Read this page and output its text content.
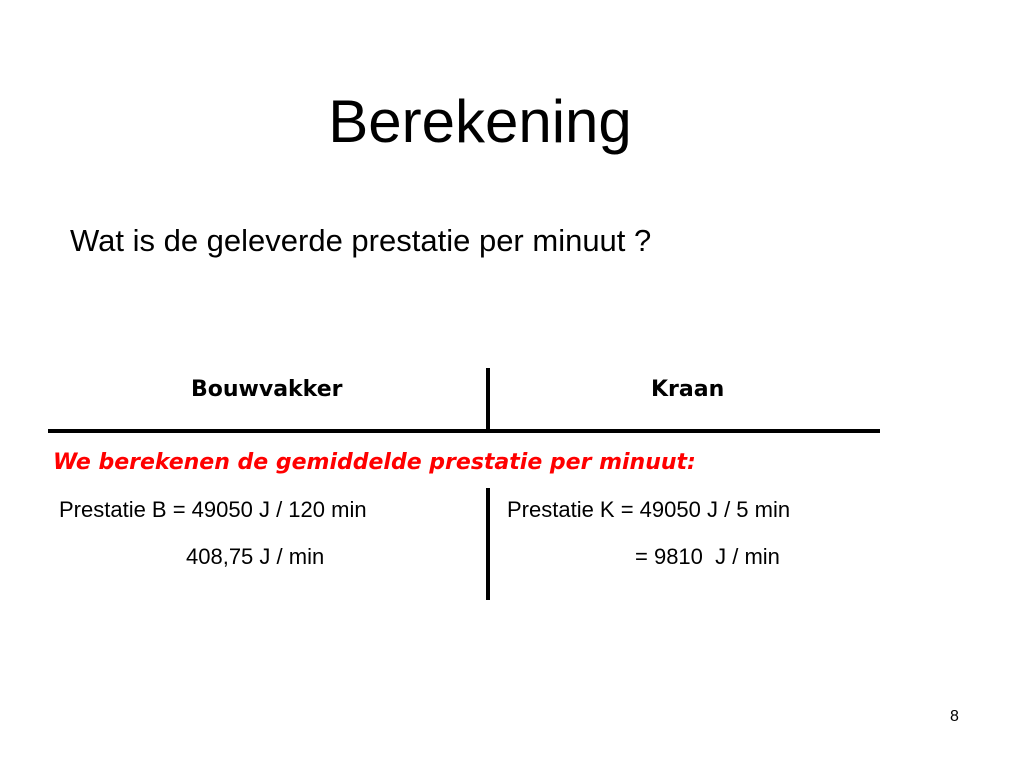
Berekening
Wat is de geleverde prestatie per minuut ?
Bouwvakker	Kraan
We berekenen de gemiddelde prestatie per minuut:
Prestatie B = 49050 J / 120 min
408,75 J / min
Prestatie K = 49050 J / 5 min
= 9810  J / min
8
